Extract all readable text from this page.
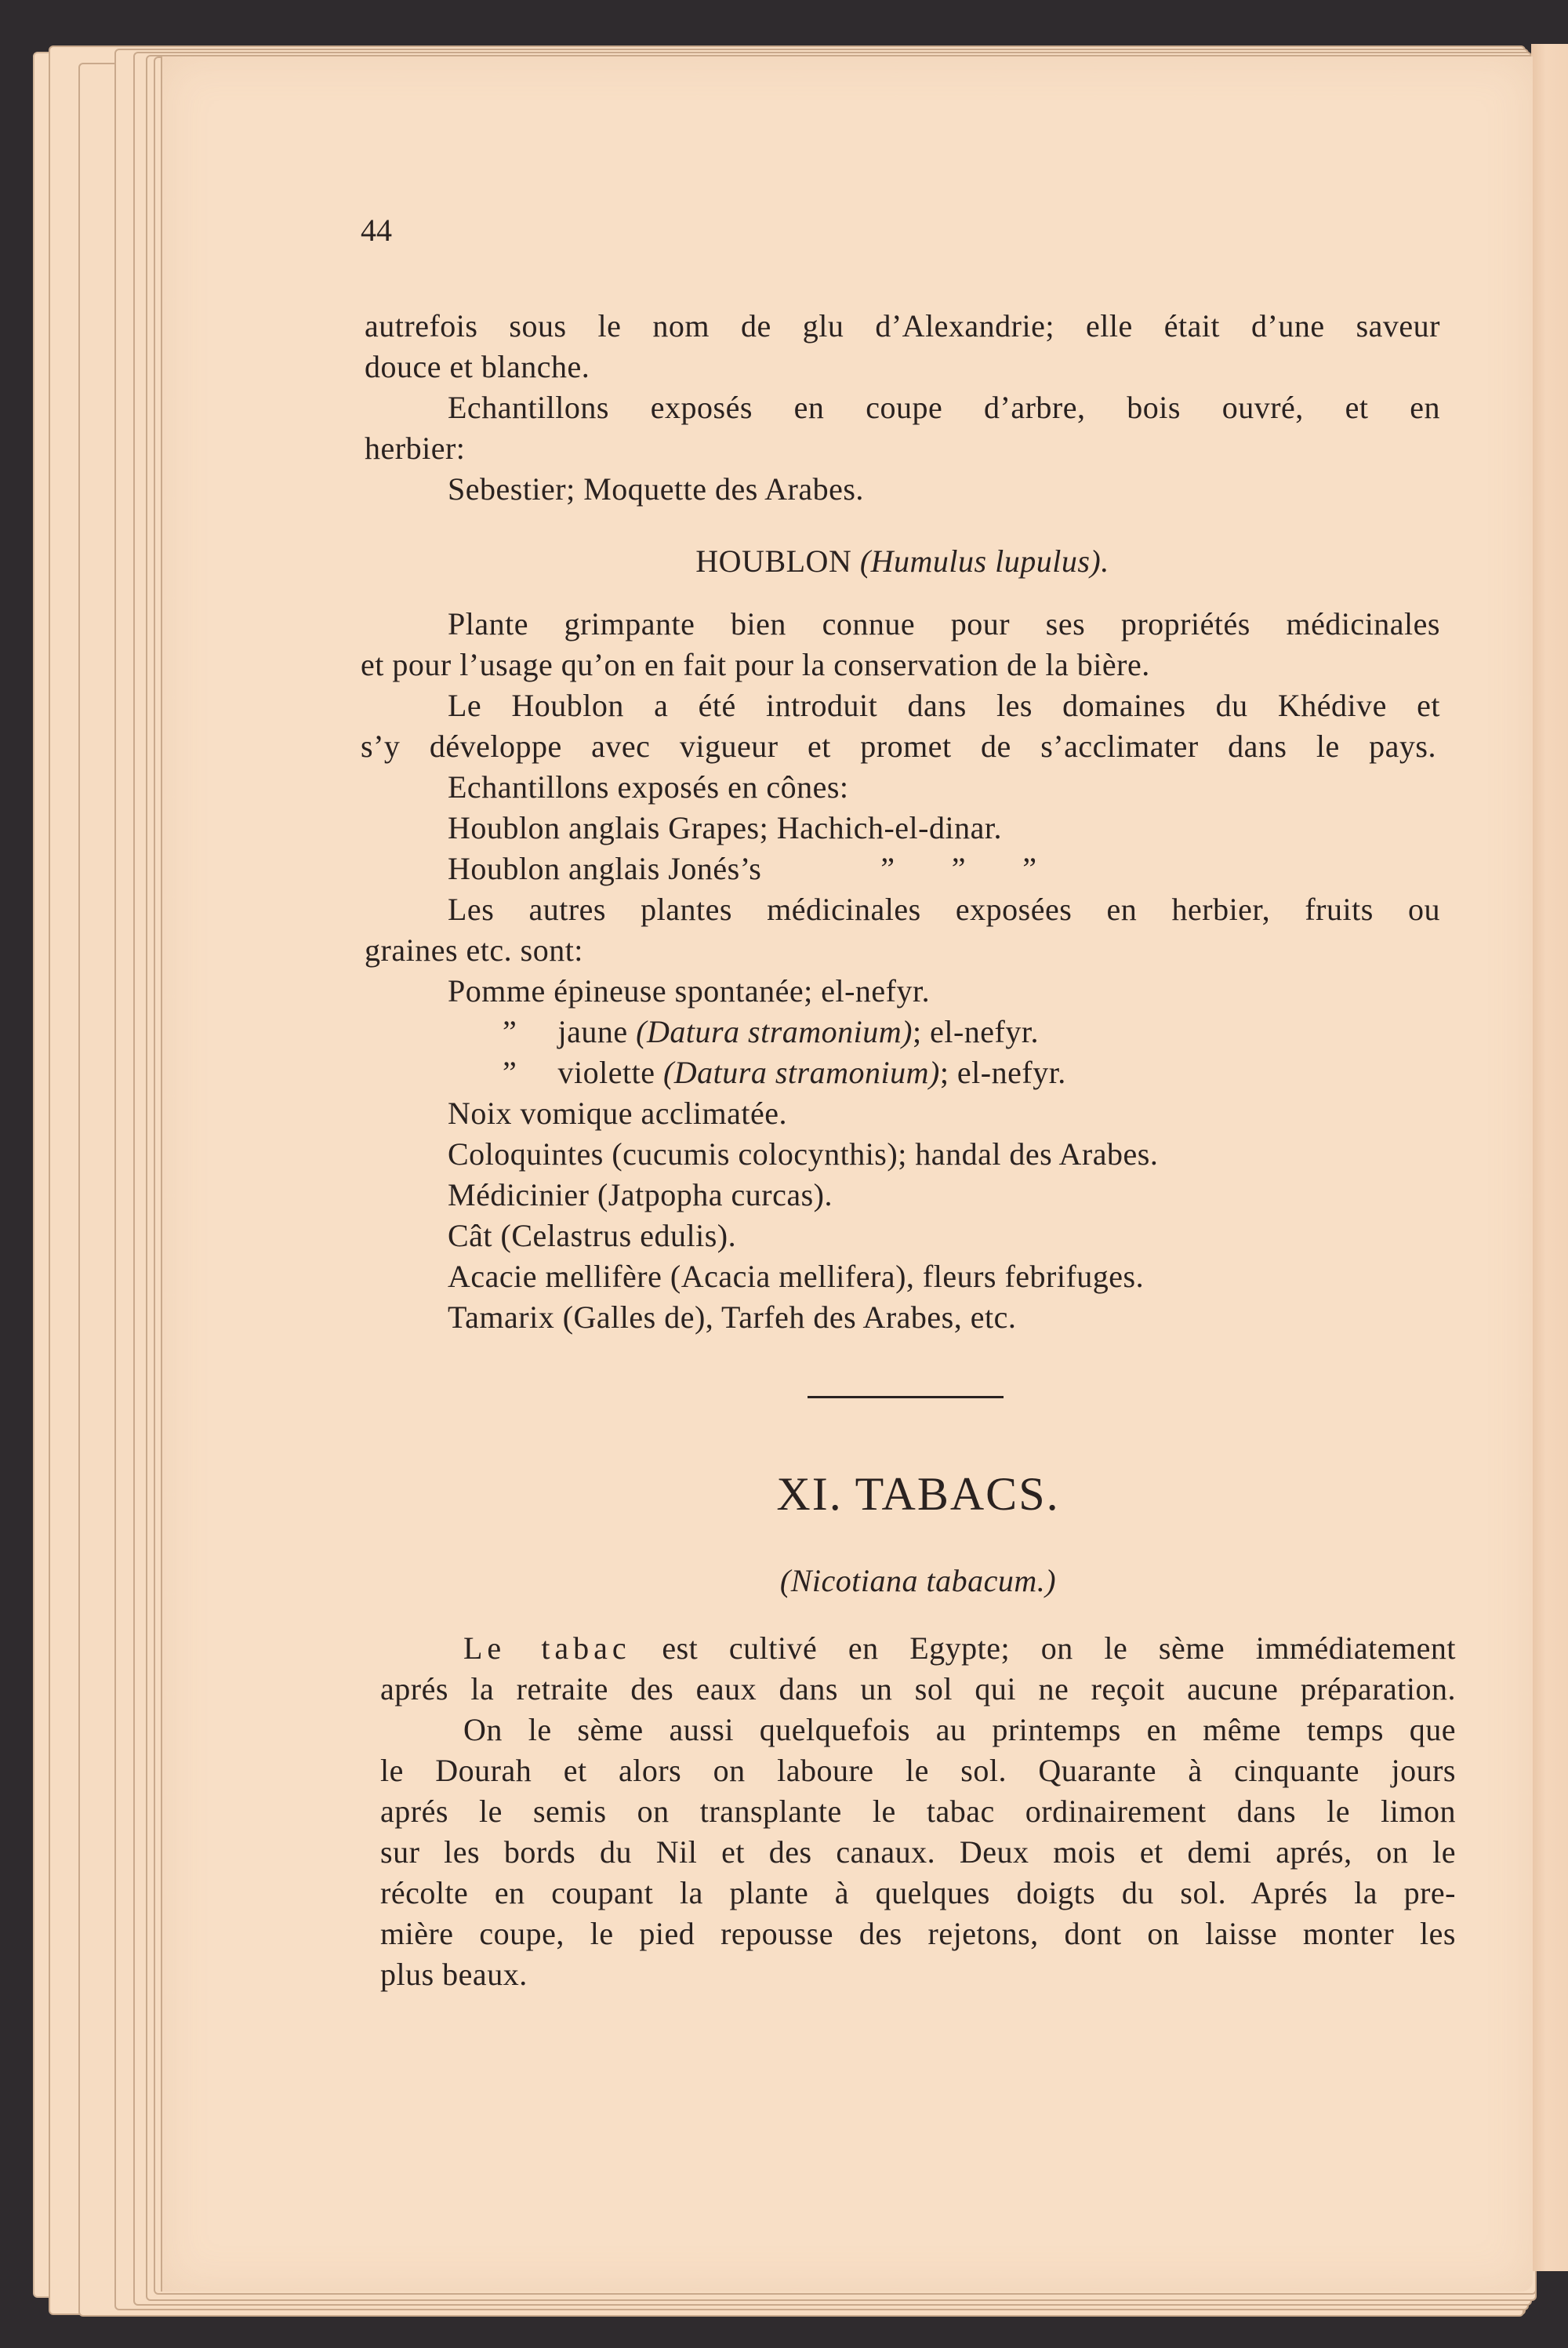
44
autrefois sous le nom de glu d’Alexandrie; elle était d’une saveur
douce et blanche.
Echantillons exposés en coupe d’arbre, bois ouvré, et en
herbier:
Sebestier; Moquette des Arabes.
HOUBLON (Humulus lupulus).
Plante grimpante bien connue pour ses propriétés médicinales
et pour l’usage qu’on en fait pour la conservation de la bière.
Le Houblon a été introduit dans les domaines du Khédive et
s’y développe avec vigueur et promet de s’acclimater dans le pays.
Echantillons exposés en cônes:
Houblon anglais Grapes; Hachich-el-dinar.
Houblon anglais Jonés’s	” ” ”
Les autres plantes médicinales exposées en herbier, fruits ou
graines etc. sont:
Pomme épineuse spontanée; el-nefyr.
” jaune (Datura stramonium); el-nefyr.
” violette (Datura stramonium); el-nefyr.
Noix vomique acclimatée.
Coloquintes (cucumis colocynthis); handal des Arabes.
Médicinier (Jatpopha curcas).
Cât (Celastrus edulis).
Acacie mellifère (Acacia mellifera), fleurs febrifuges.
Tamarix (Galles de), Tarfeh des Arabes, etc.
XI. TABACS.
(Nicotiana tabacum.)
Le tabac est cultivé en Egypte; on le sème immédiatement
aprés la retraite des eaux dans un sol qui ne reçoit aucune préparation.
On le sème aussi quelquefois au printemps en même temps que
le Dourah et alors on laboure le sol. Quarante à cinquante jours
aprés le semis on transplante le tabac ordinairement dans le limon
sur les bords du Nil et des canaux. Deux mois et demi aprés, on le
récolte en coupant la plante à quelques doigts du sol. Aprés la pre-
mière coupe, le pied repousse des rejetons, dont on laisse monter les
plus beaux.
